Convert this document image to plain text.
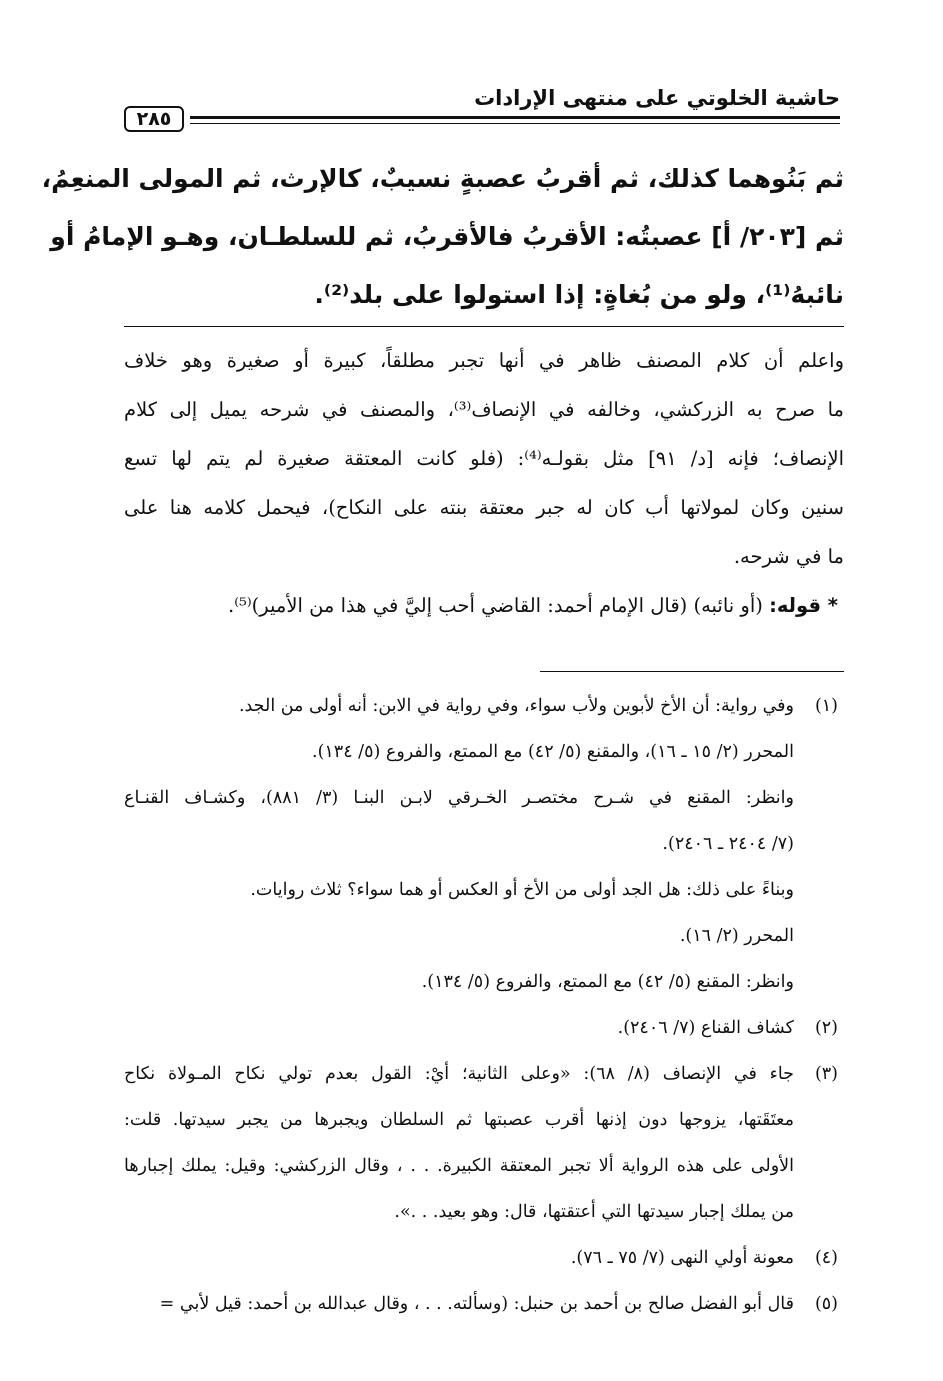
حاشية الخلوتي على منتهى الإرادات
٢٨٥
ثم بَنُوهما كذلك، ثم أقربُ عصبةٍ نسيبٌ، كالإرث، ثم المولى المنعِمُ،
ثم [٢٠٣/ أ] عصبتُه: الأقربُ فالأقربُ، ثم للسلطـان، وهـو الإمامُ أو
نائبهُ⁽¹⁾، ولو من بُغاةٍ: إذا استولوا على بلد⁽²⁾.
واعلم أن كلام المصنف ظاهر في أنها تجبر مطلقاً، كبيرة أو صغيرة وهو خلاف
ما صرح به الزركشي، وخالفه في الإنصاف⁽³⁾، والمصنف في شرحه يميل إلى كلام
الإنصاف؛ فإنه [د/ ٩١] مثل بقولـه⁽⁴⁾: (فلو كانت المعتقة صغيرة لم يتم لها تسع
سنين وكان لمولاتها أب كان له جبر معتقة بنته على النكاح)، فيحمل كلامه هنا على
ما في شرحه.
* قوله: (أو نائبه) (قال الإمام أحمد: القاضي أحب إليَّ في هذا من الأمير)⁽⁵⁾.
(١)
وفي رواية: أن الأخ لأبوين ولأب سواء، وفي رواية في الابن: أنه أولى من الجد.
المحرر (٢/ ١٥ ـ ١٦)، والمقنع (٥/ ٤٢) مع الممتع، والفروع (٥/ ١٣٤).
وانظر: المقنع في شـرح مختصـر الخـرقي لابـن البنـا (٣/ ٨٨١)، وكشـاف القنـاع
(٧/ ٢٤٠٤ ـ ٢٤٠٦).
وبناءً على ذلك: هل الجد أولى من الأخ أو العكس أو هما سواء؟ ثلاث روايات.
المحرر (٢/ ١٦).
وانظر: المقنع (٥/ ٤٢) مع الممتع، والفروع (٥/ ١٣٤).
(٢)
كشاف القناع (٧/ ٢٤٠٦).
(٣)
جاء في الإنصاف (٨/ ٦٨): «وعلى الثانية؛ أيْ: القول بعدم تولي نكاح المـولاة نكاح
معتَقَتها، يزوجها دون إذنها أقرب عصبتها ثم السلطان ويجبرها من يجبر سيدتها. قلت:
الأولى على هذه الرواية ألا تجبر المعتقة الكبيرة. . . ، وقال الزركشي: وقيل: يملك إجبارها
من يملك إجبار سيدتها التي أعتقتها، قال: وهو بعيد. . .».
(٤)
معونة أولي النهى (٧/ ٧٥ ـ ٧٦).
(٥)
قال أبو الفضل صالح بن أحمد بن حنبل: (وسألته. . . ، وقال عبدالله بن أحمد: قيل لأبي =
